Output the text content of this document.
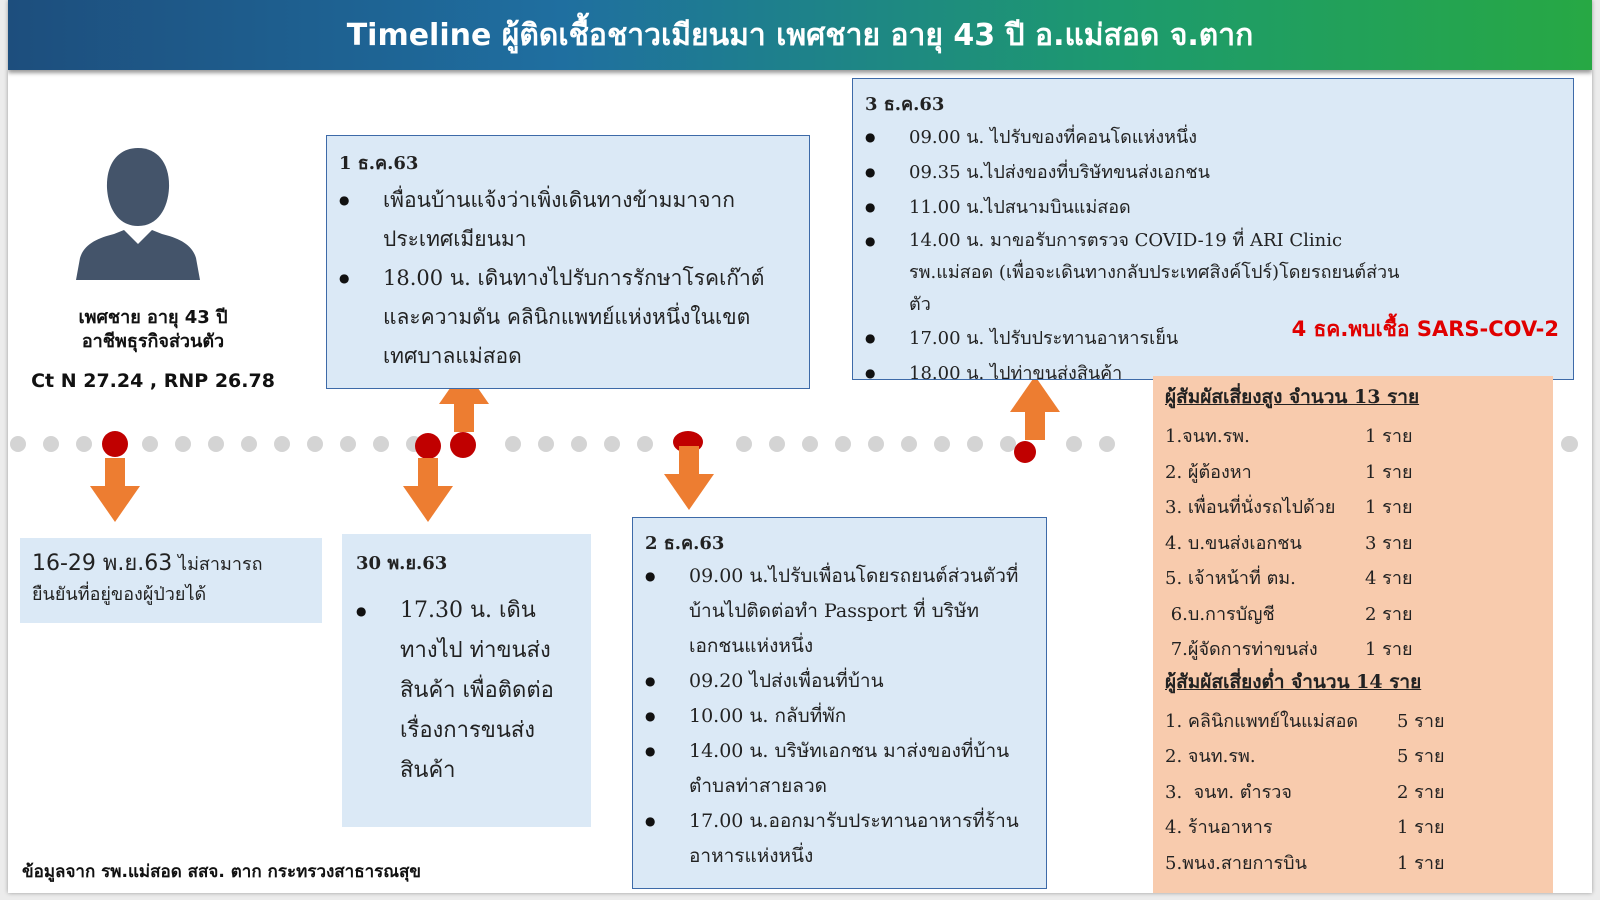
Timeline ผู้ติดเชื้อชาวเมียนมา เพศชาย อายุ 43 ปี อ.แม่สอด จ.ตาก
เพศชาย อายุ 43 ปี
อาชีพธุรกิจส่วนตัว
Ct N 27.24 , RNP 26.78
16-29 พ.ย.63 ไม่สามารถ
ยืนยันที่อยู่ของผู้ป่วยได้
30 พ.ย.63
● 17.30 น. เดินทางไป ท่าขนส่งสินค้า เพื่อติดต่อเรื่องการขนส่งสินค้า
1 ธ.ค.63
● เพื่อนบ้านแจ้งว่าเพิ่งเดินทางข้ามมาจาก ประเทศเมียนมา
● 18.00 น. เดินทางไปรับการรักษาโรคเก๊าต์และความดัน คลินิกแพทย์แห่งหนึ่งในเขตเทศบาลแม่สอด
2 ธ.ค.63
● 09.00 น.ไปรับเพื่อนโดยรถยนต์ส่วนตัวที่บ้านไปติดต่อทำ Passport ที่ บริษัทเอกชนแห่งหนึ่ง
● 09.20 ไปส่งเพื่อนที่บ้าน
● 10.00 น. กลับที่พัก
● 14.00 น. บริษัทเอกชน มาส่งของที่บ้าน ตำบลท่าสายลวด
● 17.00 น.ออกมารับประทานอาหารที่ร้านอาหารแห่งหนึ่ง
3 ธ.ค.63
● 09.00 น. ไปรับของที่คอนโดแห่งหนึ่ง
● 09.35 น.ไปส่งของที่บริษัทขนส่งเอกชน
● 11.00 น.ไปสนามบินแม่สอด
● 14.00 น. มาขอรับการตรวจ COVID-19 ที่ ARI Clinic รพ.แม่สอด (เพื่อจะเดินทางกลับประเทศสิงค์โปร์)โดยรถยนต์ส่วนตัว
● 17.00 น. ไปรับประทานอาหารเย็น
● 18.00 น. ไปท่าขนส่งสินค้า
4 ธค.พบเชื้อ SARS-COV-2
ผู้สัมผัสเสี่ยงสูง จำนวน 13 ราย
1.จนท.รพ.	1 ราย
2. ผู้ต้องหา	1 ราย
3. เพื่อนที่นั่งรถไปด้วย 1 ราย
4. บ.ขนส่งเอกชน	3 ราย
5. เจ้าหน้าที่ ตม.	4 ราย
6.บ.การบัญชี	2 ราย
7.ผู้จัดการท่าขนส่ง	1 ราย
ผู้สัมผัสเสี่ยงต่ำ จำนวน 14 ราย
1. คลินิกแพทย์ในแม่สอด 5 ราย
2. จนท.รพ.	5 ราย
3.  จนท. ตำรวจ	2 ราย
4. ร้านอาหาร	1 ราย
5.พนง.สายการบิน	1 ราย
ข้อมูลจาก รพ.แม่สอด สสจ. ตาก กระทรวงสาธารณสุข
